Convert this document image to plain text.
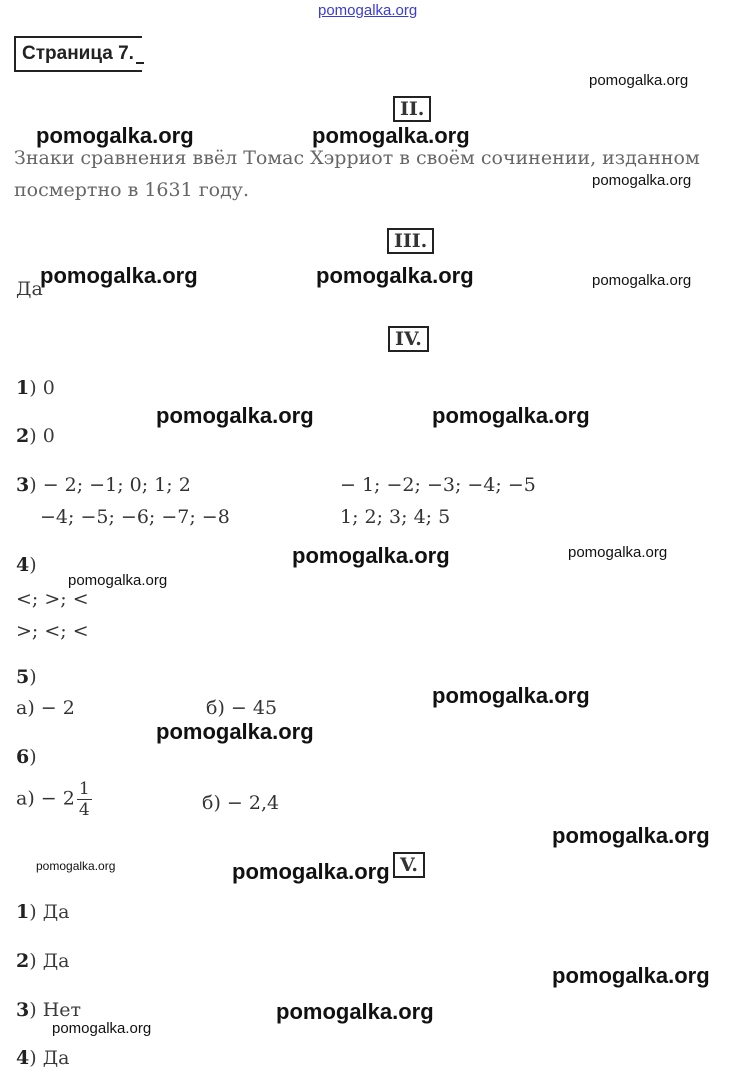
pomogalka.org
Страница 7.
II.
Знаки сравнения ввёл Томас Хэрриот в своём сочинении, изданном
посмертно в 1631 году.
III.
Да
IV.
1) 0
2) 0
3) − 2; −1; 0; 1; 2	− 1; −2; −3; −4; −5
−4; −5; −6; −7; −8	1; 2; 3; 4; 5
4)
<; >; <
>; <; <
5)
а) − 2	б) − 45
6)
$а) - 2 \frac{1}{4}$	б) − 2,4
V.
1) Да
2) Да
3) Нет
4) Да
pomogalka.org
pomogalka.org	pomogalka.org
pomogalka.org
pomogalka.org	pomogalka.org	pomogalka.org
pomogalka.org	pomogalka.org
pomogalka.org	pomogalka.org
pomogalka.org
pomogalka.org
pomogalka.org
pomogalka.org
pomogalka.org	pomogalka.org
pomogalka.org
pomogalka.org
pomogalka.org
